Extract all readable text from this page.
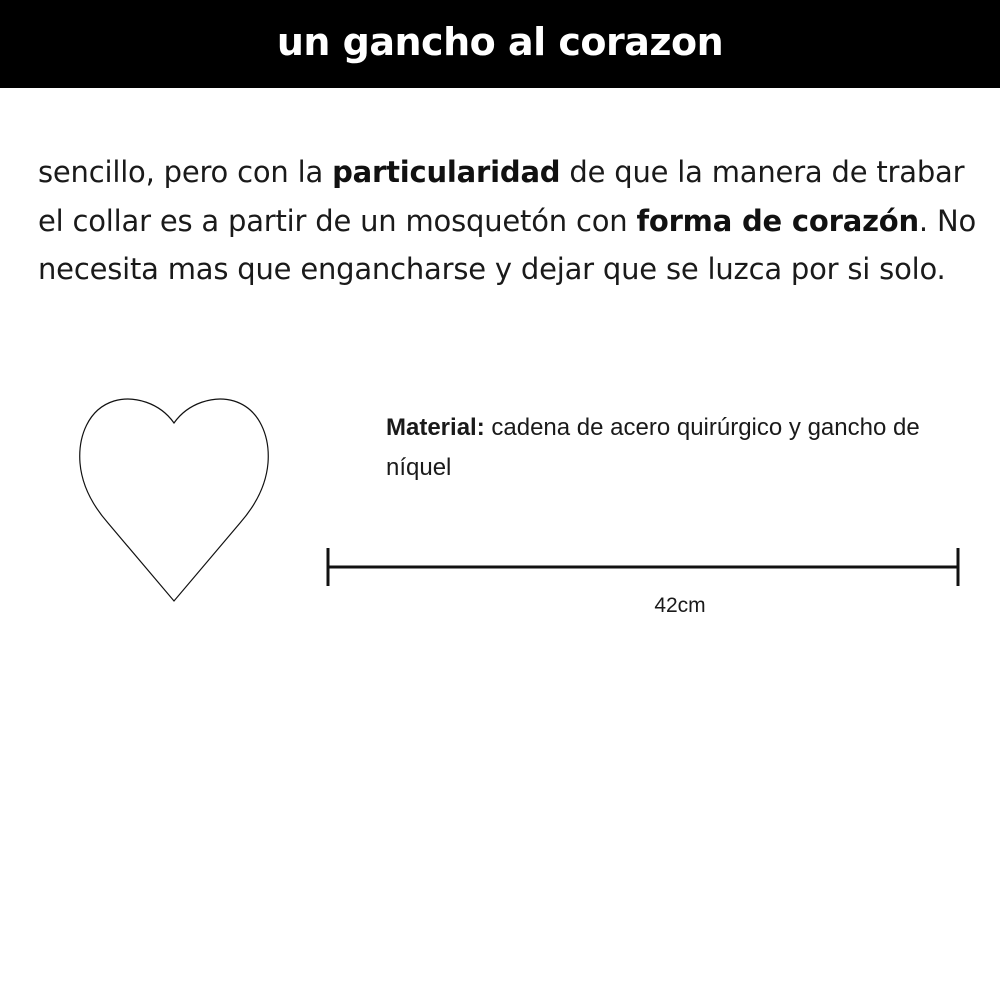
un gancho al corazon

sencillo, pero con la particularidad de que la manera de trabar el collar es a partir de un mosquetón con forma de corazón. No necesita mas que engancharse y dejar que se luzca por si solo.

Material: cadena de acero quirúrgico y gancho de níquel

42cm
